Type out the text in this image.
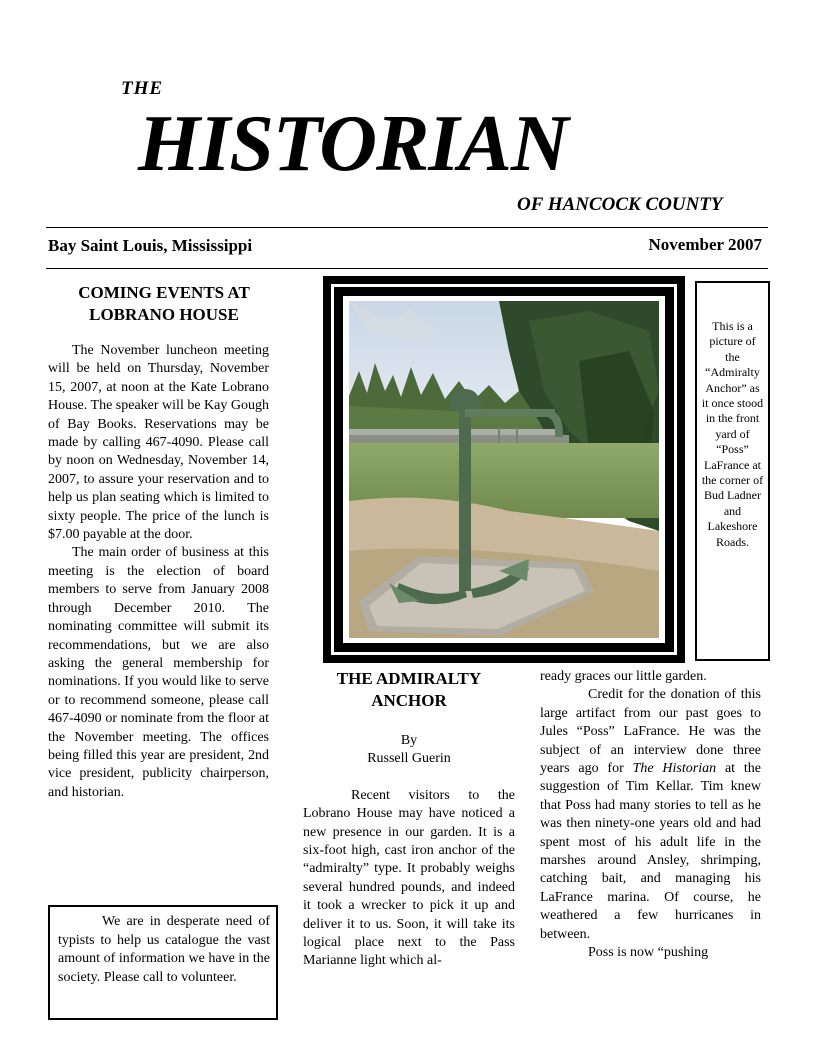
THE
HISTORIAN
OF HANCOCK COUNTY
Bay Saint Louis, Mississippi	November 2007
COMING EVENTS AT
LOBRANO HOUSE

The November luncheon meeting will be held on Thursday, November 15, 2007, at noon at the Kate Lobrano House. The speaker will be Kay Gough of Bay Books. Reservations may be made by calling 467-4090. Please call by noon on Wednesday, November 14, 2007, to assure your reservation and to help us plan seating which is limited to sixty people. The price of the lunch is $7.00 payable at the door.

The main order of business at this meeting is the election of board members to serve from January 2008 through December 2010. The nominating committee will submit its recommendations, but we are also asking the general membership for nominations. If you would like to serve or to recommend someone, please call 467-4090 or nominate from the floor at the November meeting. The offices being filled this year are president, 2nd vice president, publicity chairperson, and historian.

We are in desperate need of typists to help us catalogue the vast amount of information we have in the society. Please call to volunteer.

This is a picture of the “Admiralty Anchor” as it once stood in the front yard of “Poss” LaFrance at the corner of Bud Ladner and Lakeshore Roads.
THE ADMIRALTY
ANCHOR
By
Russell Guerin

Recent visitors to the Lobrano House may have noticed a new presence in our garden. It is a six-foot high, cast iron anchor of the “admiralty” type. It probably weighs several hundred pounds, and indeed it took a wrecker to pick it up and deliver it to us. Soon, it will take its logical place next to the Pass Marianne light which al-

ready graces our little garden.

Credit for the donation of this large artifact from our past goes to Jules “Poss” LaFrance. He was the subject of an interview done three years ago for The Historian at the suggestion of Tim Kellar. Tim knew that Poss had many stories to tell as he was then ninety-one years old and had spent most of his adult life in the marshes around Ansley, shrimping, catching bait, and managing his LaFrance marina. Of course, he weathered a few hurricanes in between.

Poss is now “pushing
